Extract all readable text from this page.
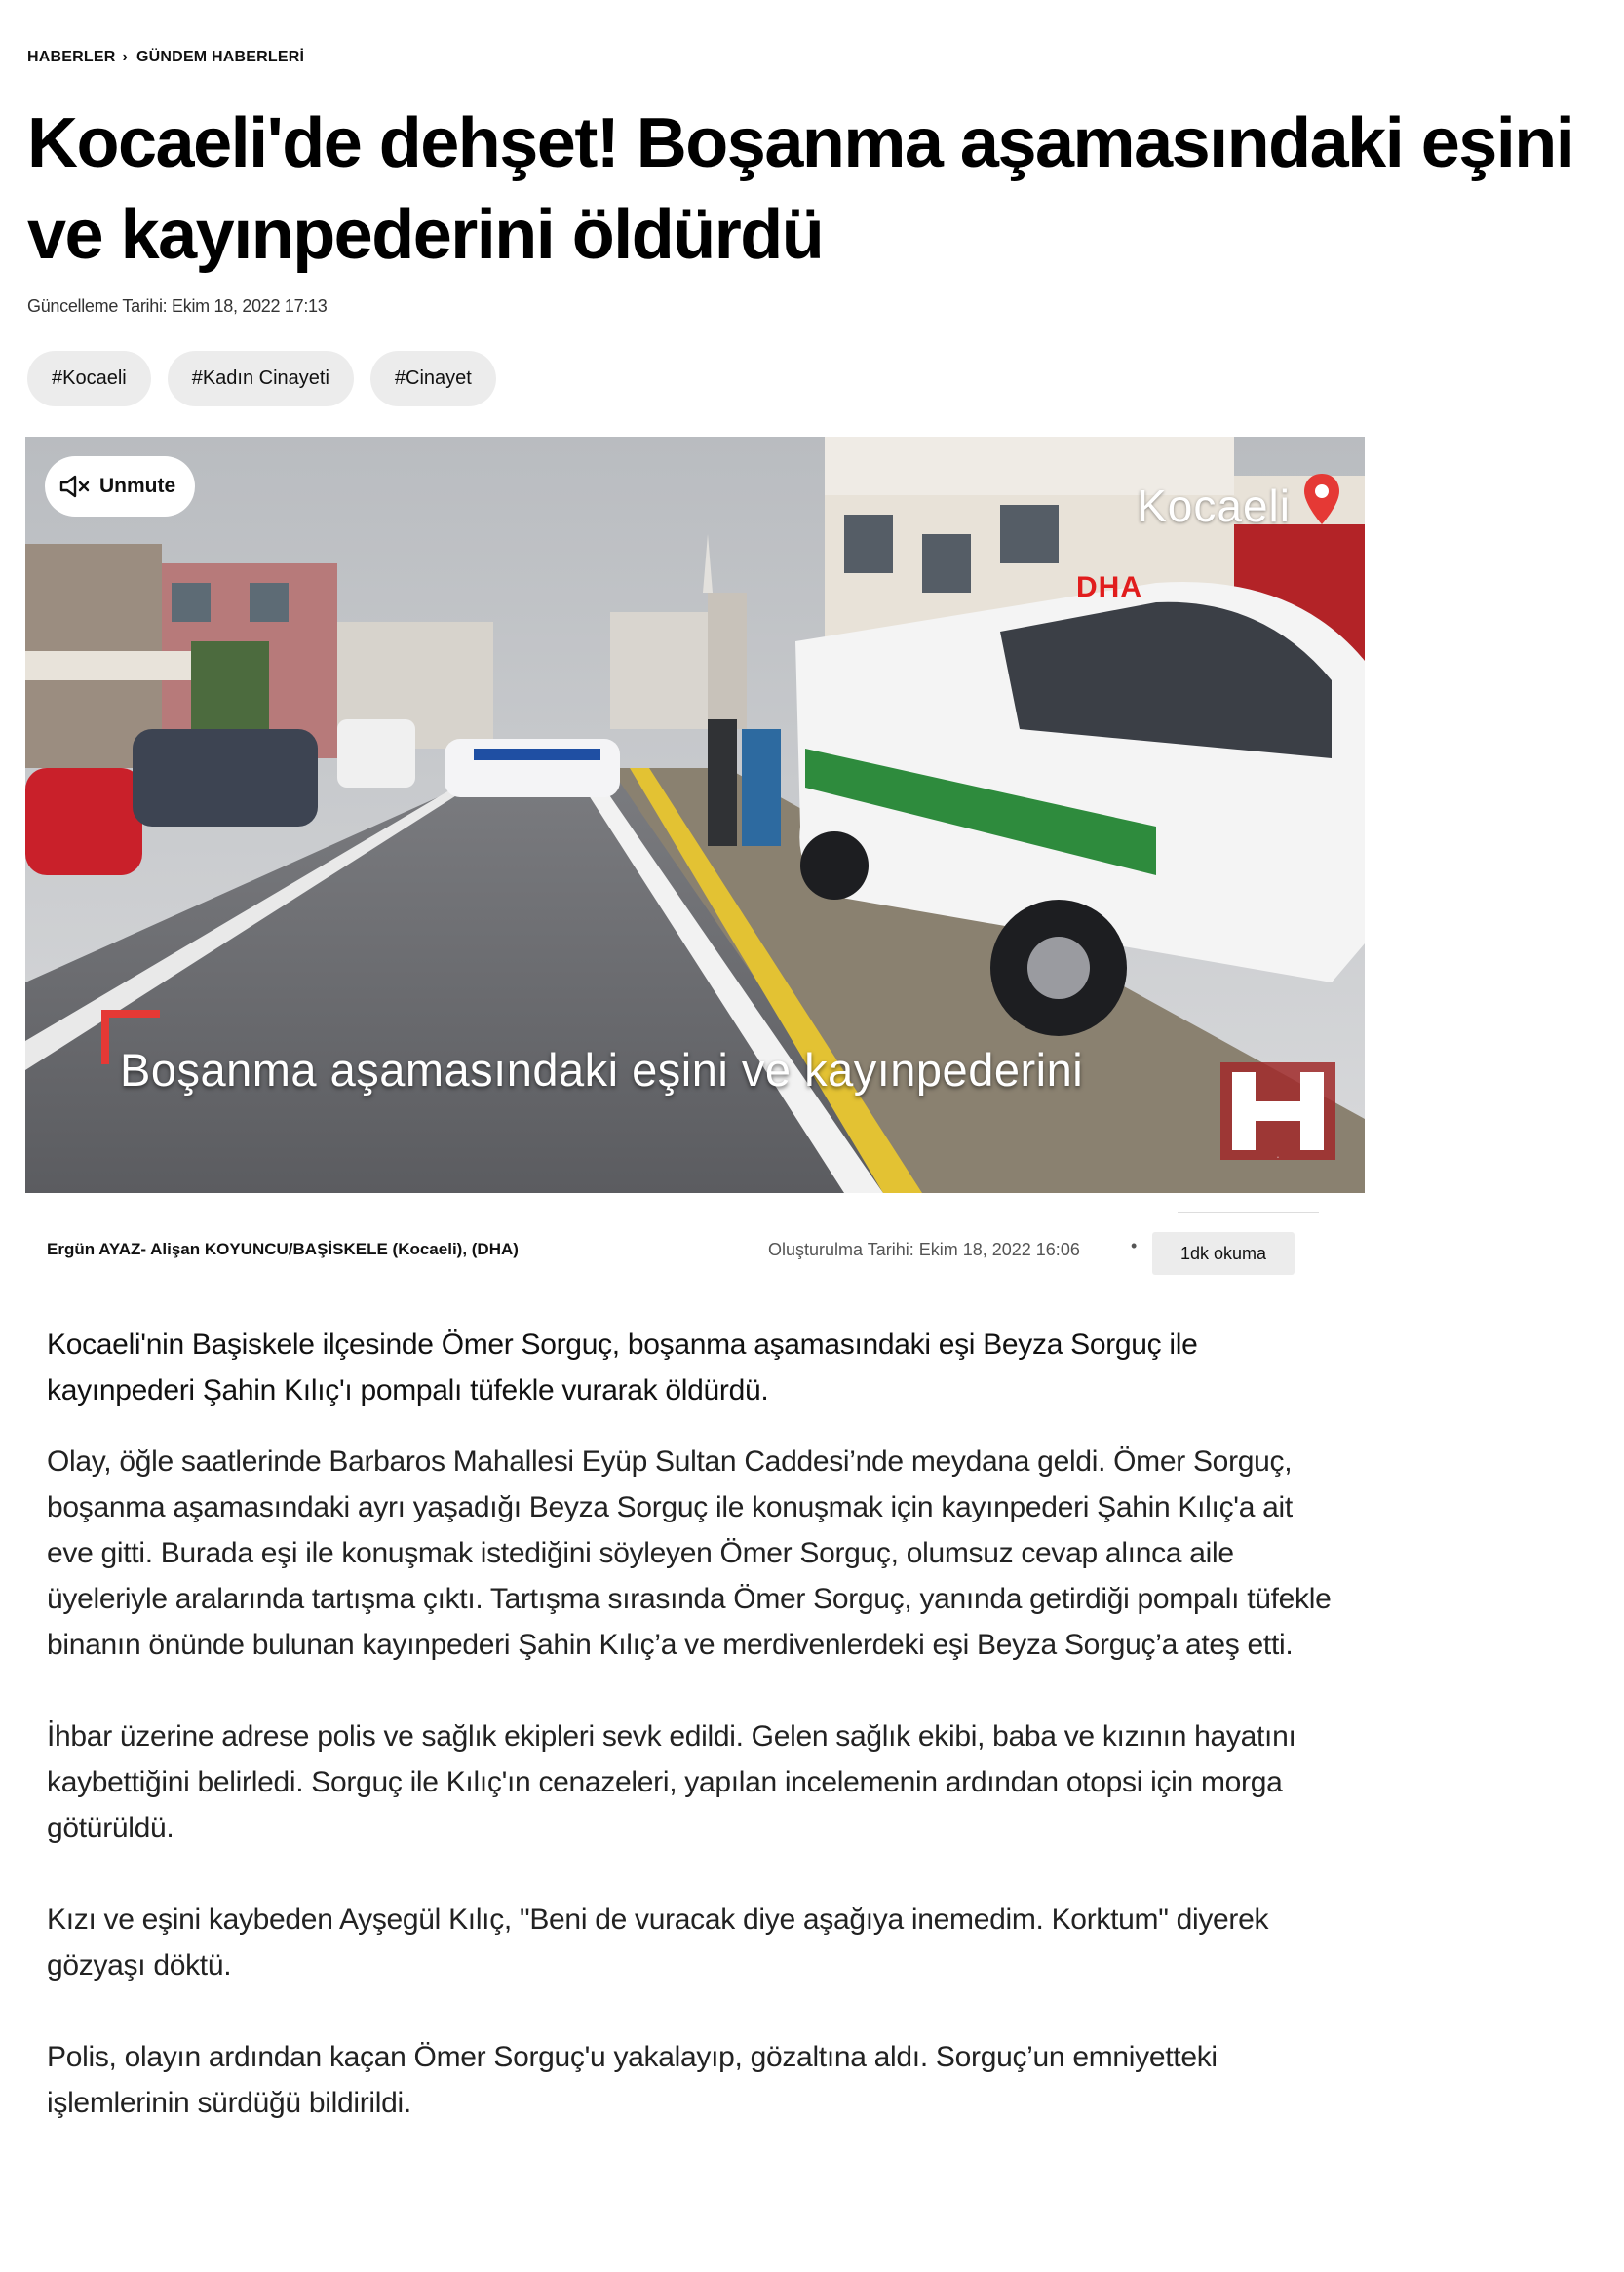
HABERLER › GÜNDEM HABERLERİ
Kocaeli'de dehşet! Boşanma aşamasındaki eşini ve kayınpederini öldürdü
Güncelleme Tarihi: Ekim 18, 2022 17:13
#Kocaeli	#Kadın Cinayeti	#Cinayet
Unmute	Kocaeli
DHA
Boşanma aşamasındaki eşini ve kayınpederini
H
Ergün AYAZ- Alişan KOYUNCU/BAŞİSKELE (Kocaeli), (DHA)	Oluşturulma Tarihi: Ekim 18, 2022 16:06	•	1dk okuma

Kocaeli'nin Başiskele ilçesinde Ömer Sorguç, boşanma aşamasındaki eşi Beyza Sorguç ile kayınpederi Şahin Kılıç'ı pompalı tüfekle vurarak öldürdü.

Olay, öğle saatlerinde Barbaros Mahallesi Eyüp Sultan Caddesi’nde meydana geldi. Ömer Sorguç, boşanma aşamasındaki ayrı yaşadığı Beyza Sorguç ile konuşmak için kayınpederi Şahin Kılıç'a ait eve gitti. Burada eşi ile konuşmak istediğini söyleyen Ömer Sorguç, olumsuz cevap alınca aile üyeleriyle aralarında tartışma çıktı. Tartışma sırasında Ömer Sorguç, yanında getirdiği pompalı tüfekle binanın önünde bulunan kayınpederi Şahin Kılıç’a ve merdivenlerdeki eşi Beyza Sorguç’a ateş etti.

İhbar üzerine adrese polis ve sağlık ekipleri sevk edildi. Gelen sağlık ekibi, baba ve kızının hayatını kaybettiğini belirledi. Sorguç ile Kılıç'ın cenazeleri, yapılan incelemenin ardından otopsi için morga götürüldü.

Kızı ve eşini kaybeden Ayşegül Kılıç, "Beni de vuracak diye aşağıya inemedim. Korktum" diyerek gözyaşı döktü.

Polis, olayın ardından kaçan Ömer Sorguç'u yakalayıp, gözaltına aldı. Sorguç’un emniyetteki işlemlerinin sürdüğü bildirildi.
